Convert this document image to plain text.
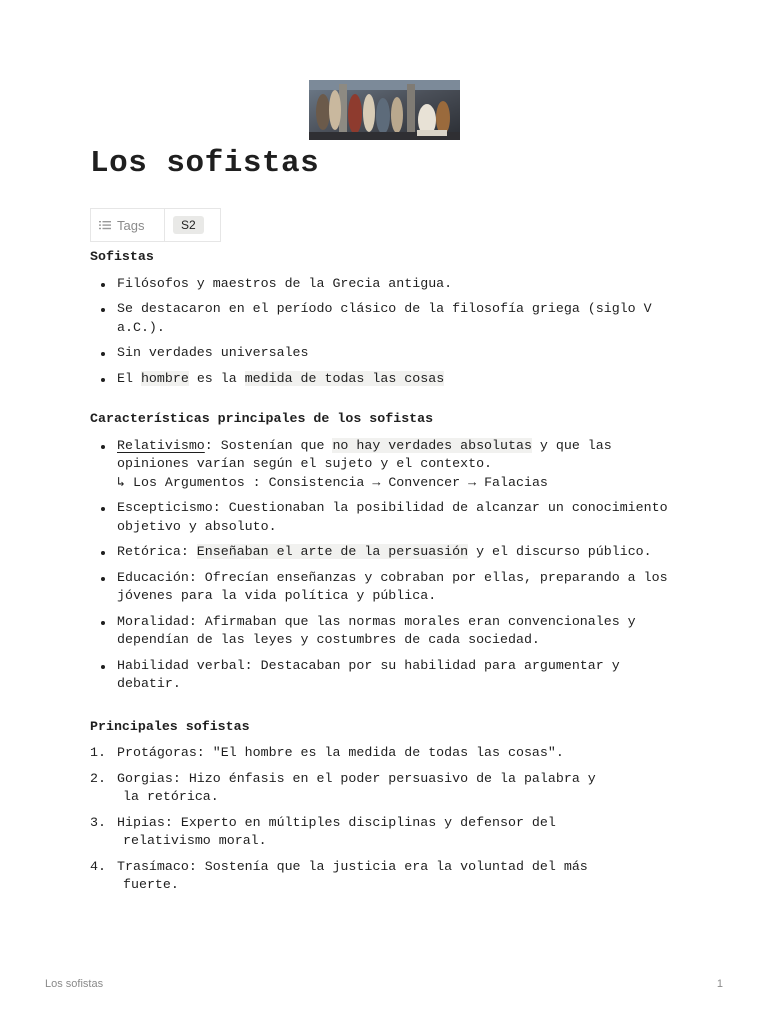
Los sofistas
Tags	S2
Sofistas
Filósofos y maestros de la Grecia antigua.
Se destacaron en el período clásico de la filosofía griega (siglo V a.C.).
Sin verdades universales
El hombre es la medida de todas las cosas
Características principales de los sofistas
Relativismo: Sostenían que no hay verdades absolutas y que las opiniones varían según el sujeto y el contexto.
↳ Los Argumentos : Consistencia → Convencer → Falacias
Escepticismo: Cuestionaban la posibilidad de alcanzar un conocimiento objetivo y absoluto.
Retórica: Enseñaban el arte de la persuasión y el discurso público.
Educación: Ofrecían enseñanzas y cobraban por ellas, preparando a los jóvenes para la vida política y pública.
Moralidad: Afirmaban que las normas morales eran convencionales y dependían de las leyes y costumbres de cada sociedad.
Habilidad verbal: Destacaban por su habilidad para argumentar y debatir.
Principales sofistas
1. Protágoras: "El hombre es la medida de todas las cosas".
2. Gorgias: Hizo énfasis en el poder persuasivo de la palabra y
la retórica.
3. Hipias: Experto en múltiples disciplinas y defensor del
relativismo moral.
4. Trasímaco: Sostenía que la justicia era la voluntad del más
fuerte.
Los sofistas	1
